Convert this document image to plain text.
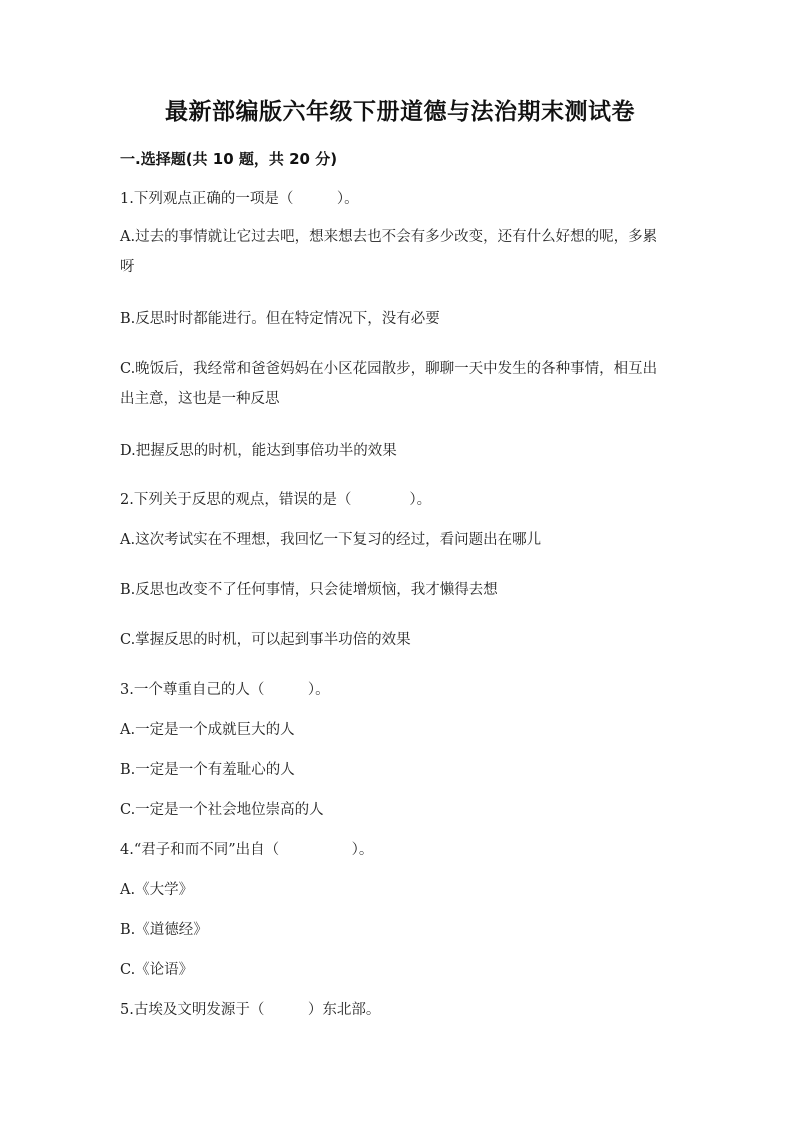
最新部编版六年级下册道德与法治期末测试卷
一.选择题(共 10 题，共 20 分)
1.下列观点正确的一项是（　　　）。
A.过去的事情就让它过去吧，想来想去也不会有多少改变，还有什么好想的呢，多累呀
B.反思时时都能进行。但在特定情况下，没有必要
C.晚饭后，我经常和爸爸妈妈在小区花园散步，聊聊一天中发生的各种事情，相互出出主意，这也是一种反思
D.把握反思的时机，能达到事倍功半的效果
2.下列关于反思的观点，错误的是（　　　　）。
A.这次考试实在不理想，我回忆一下复习的经过，看问题出在哪儿
B.反思也改变不了任何事情，只会徒增烦恼，我才懒得去想
C.掌握反思的时机，可以起到事半功倍的效果
3.一个尊重自己的人（　　　）。
A.一定是一个成就巨大的人
B.一定是一个有羞耻心的人
C.一定是一个社会地位崇高的人
4.“君子和而不同”出自（　　　　　）。
A.《大学》
B.《道德经》
C.《论语》
5.古埃及文明发源于（　　　）东北部。
